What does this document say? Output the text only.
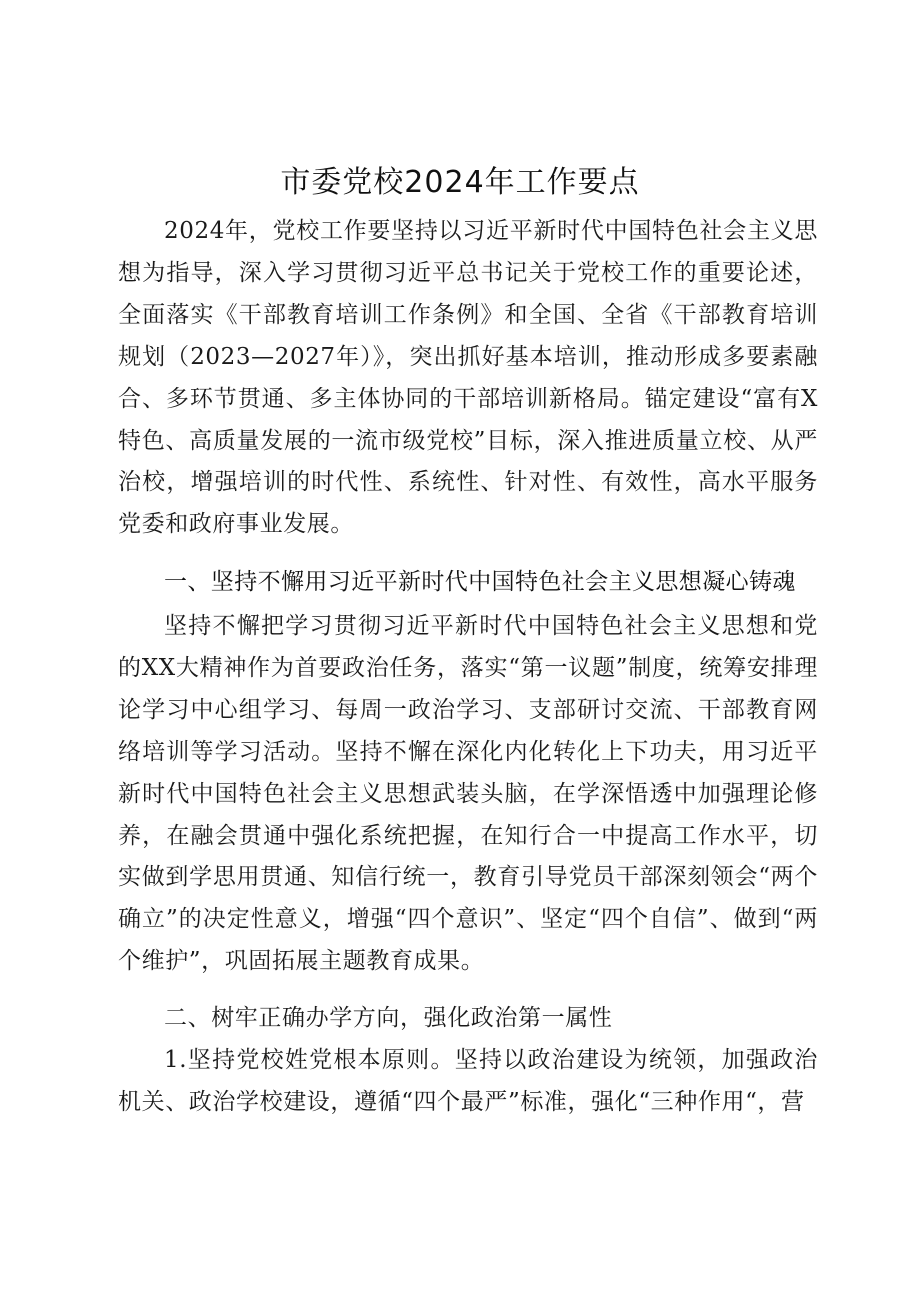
市委党校2024年工作要点

2024年，党校工作要坚持以习近平新时代中国特色社会主义思想为指导，深入学习贯彻习近平总书记关于党校工作的重要论述，全面落实《干部教育培训工作条例》和全国、全省《干部教育培训规划（2023—2027年）》，突出抓好基本培训，推动形成多要素融合、多环节贯通、多主体协同的干部培训新格局。锚定建设“富有X特色、高质量发展的一流市级党校”目标，深入推进质量立校、从严治校，增强培训的时代性、系统性、针对性、有效性，高水平服务党委和政府事业发展。

一、坚持不懈用习近平新时代中国特色社会主义思想凝心铸魂

坚持不懈把学习贯彻习近平新时代中国特色社会主义思想和党的XX大精神作为首要政治任务，落实“第一议题”制度，统筹安排理论学习中心组学习、每周一政治学习、支部研讨交流、干部教育网络培训等学习活动。坚持不懈在深化内化转化上下功夫，用习近平新时代中国特色社会主义思想武装头脑，在学深悟透中加强理论修养，在融会贯通中强化系统把握，在知行合一中提高工作水平，切实做到学思用贯通、知信行统一，教育引导党员干部深刻领会“两个确立”的决定性意义，增强“四个意识”、坚定“四个自信”、做到“两个维护”，巩固拓展主题教育成果。

二、树牢正确办学方向，强化政治第一属性

1.坚持党校姓党根本原则。坚持以政治建设为统领，加强政治机关、政治学校建设，遵循“四个最严”标准，强化“三种作用“，营
